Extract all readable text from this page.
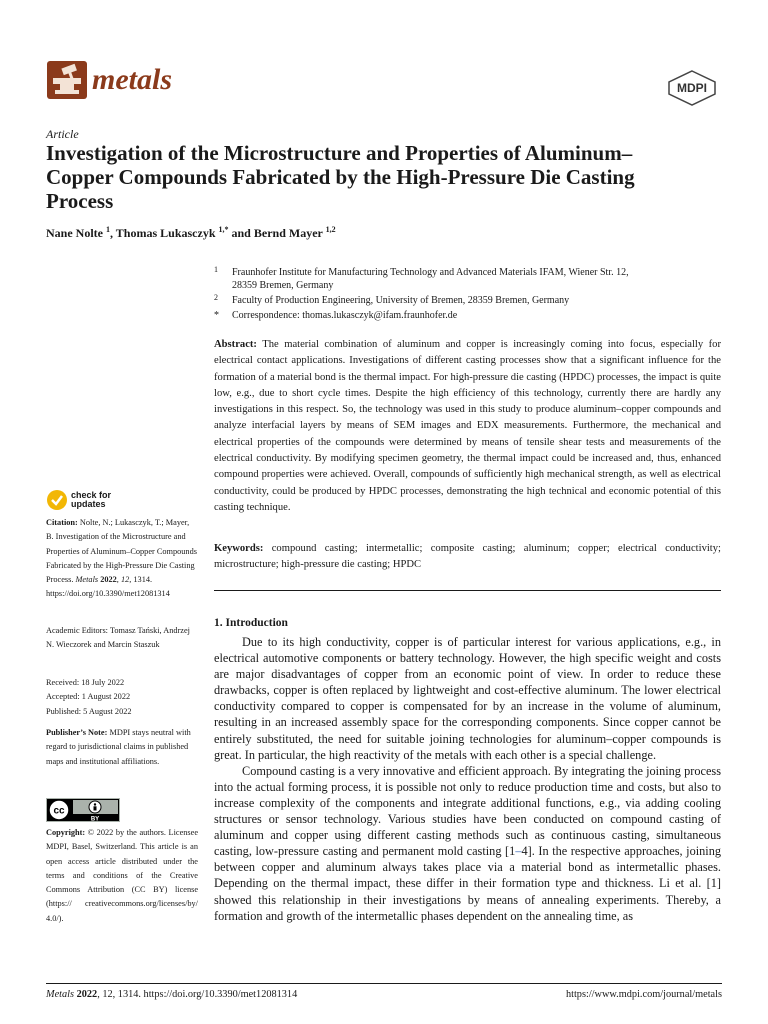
metals	MDPI
Article
Investigation of the Microstructure and Properties of Aluminum–Copper Compounds Fabricated by the High-Pressure Die Casting Process
Nane Nolte $^1$, Thomas Lukasczyk $^{1,*}$ and Bernd Mayer $^{1,2}$
1 Fraunhofer Institute for Manufacturing Technology and Advanced Materials IFAM, Wiener Str. 12,
28359 Bremen, Germany
2 Faculty of Production Engineering, University of Bremen, 28359 Bremen, Germany
* Correspondence: thomas.lukasczyk@ifam.fraunhofer.de
Abstract: The material combination of aluminum and copper is increasingly coming into focus, especially for electrical contact applications. Investigations of different casting processes show that a significant influence for the formation of a material bond is the thermal impact. For high-pressure die casting (HPDC) processes, the impact is quite low, e.g., due to short cycle times. Despite the high efficiency of this technology, currently there are hardly any investigations in this respect. So, the technology was used in this study to produce aluminum–copper compounds and analyze interfacial layers by means of SEM images and EDX measurements. Furthermore, the mechanical and electrical properties of the compounds were determined by means of tensile shear tests and measurements of the electrical conductivity. By modifying specimen geometry, the thermal impact could be increased and, thus, enhanced compound properties were achieved. Overall, compounds of sufficiently high mechanical strength, as well as electrical conductivity, could be produced by HPDC processes, demonstrating the high technical and economic potential of this casting technique.
Keywords: compound casting; intermetallic; composite casting; aluminum; copper; electrical conductivity; microstructure; high-pressure die casting; HPDC
1. Introduction

Due to its high conductivity, copper is of particular interest for various applications, e.g., in electrical automotive components or battery technology. However, the high specific weight and costs are major disadvantages of copper from an economic point of view. In order to reduce these drawbacks, copper is often replaced by lightweight and cost-effective aluminum. The lower electrical conductivity compared to copper is compensated for by an increase in the volume of aluminum, resulting in an increased assembly space for the corresponding components. Since copper cannot be entirely substituted, the need for suitable joining technologies for aluminum–copper compounds is great. In particular, the high reactivity of the metals with each other is a special challenge.

Compound casting is a very innovative and efficient approach. By integrating the joining process into the actual forming process, it is possible not only to reduce production time and costs, but also to increase complexity of the components and integrate additional functions, e.g., via adding cooling structures or sensor technology. Various studies have been conducted on compound casting of aluminum and copper using different casting methods such as continuous casting, simultaneous casting, low-pressure casting and permanent mold casting [1–4]. In the respective approaches, joining between copper and aluminum always takes place via a material bond as intermetallic phases. Depending on the thermal impact, these differ in their formation type and thickness. Li et al. [1] showed this relationship in their investigations by means of annealing experiments. Thereby, a formation and growth of the intermetallic phases dependent on the annealing time, as

check for
updates

Citation: Nolte, N.; Lukasczyk, T.; Mayer, B. Investigation of the Microstructure and Properties of Aluminum–Copper Compounds Fabricated by the High-Pressure Die Casting Process. Metals 2022, 12, 1314. https://doi.org/10.3390/met12081314

Academic Editors: Tomasz Tański, Andrzej N. Wieczorek and Marcin Staszuk

Received: 18 July 2022

Accepted: 1 August 2022

Published: 5 August 2022

Publisher’s Note: MDPI stays neutral with regard to jurisdictional claims in published maps and institutional affiliations.

cc
BY

Copyright: © 2022 by the authors. Licensee MDPI, Basel, Switzerland. This article is an open access article distributed under the terms and conditions of the Creative Commons Attribution (CC BY) license (https:// creativecommons.org/licenses/by/ 4.0/).

Metals 2022, 12, 1314. https://doi.org/10.3390/met12081314	https://www.mdpi.com/journal/metals
